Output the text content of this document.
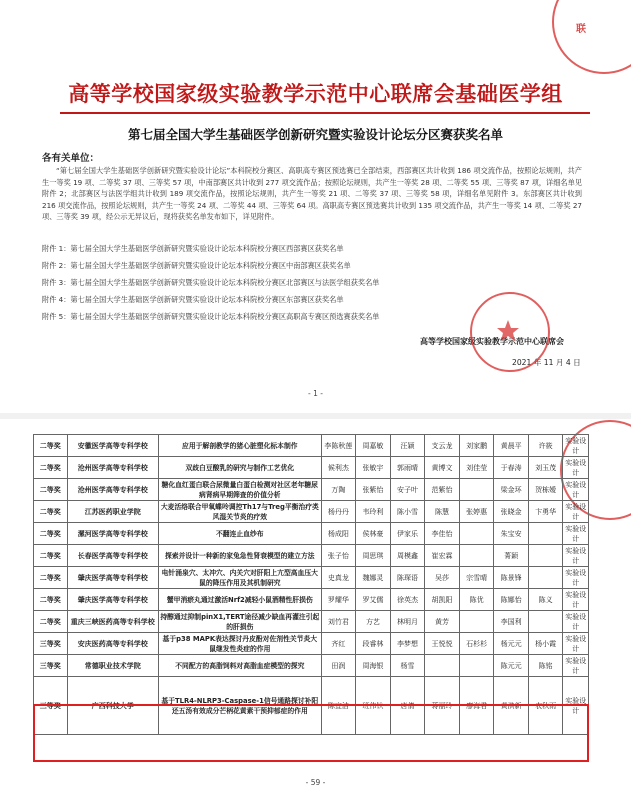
高等学校国家级实验教学示范中心联席会基础医学组
第七届全国大学生基础医学创新研究暨实验设计论坛分区赛获奖名单
各有关单位：
“第七届全国大学生基础医学创新研究暨实验设计论坛”本科院校分赛区、高职高专赛区预选赛已全部结束，西部赛区共计收到 186 项交流作品，按照论坛规则，共产生一等奖 19 项、二等奖 37 项、三等奖 57 项，中南部赛区共计收到 277 项交流作品；按照论坛规则，共产生一等奖 28 项、二等奖 55 项、三等奖 87 项，详细名单见附件 2；北部赛区与法医学组共计收到 189 项交流作品，按照论坛规则，共产生一等奖 21 项、二等奖 37 项、三等奖 58 项，详细名单见附件 3。东部赛区共计收到 216 项交流作品，按照论坛规则，共产生一等奖 24 项、二等奖 44 项、三等奖 64 项。高职高专赛区预选赛共计收到 135 项交流作品，共产生一等奖 14 项、二等奖 27 项、三等奖 39 项，经公示无异议后，现将获奖名单发布如下，详见附件。
附件 1：第七届全国大学生基础医学创新研究暨实验设计论坛本科院校分赛区西部赛区获奖名单
附件 2：第七届全国大学生基础医学创新研究暨实验设计论坛本科院校分赛区中南部赛区获奖名单
附件 3：第七届全国大学生基础医学创新研究暨实验设计论坛本科院校分赛区北部赛区与法医学组获奖名单
附件 4：第七届全国大学生基础医学创新研究暨实验设计论坛本科院校分赛区东部赛区获奖名单
附件 5：第七届全国大学生基础医学创新研究暨实验设计论坛本科院校分赛区高职高专赛区预选赛获奖名单
高等学校国家级实验教学示范中心联席会
2021 年 11 月 4 日
- 1 -
联
二等奖	安徽医学高等专科学校	应用于解剖教学的猪心脏塑化标本制作	李陈秋莲	周嘉敏	汪颖	支云龙	刘家鹏	黄晨平	许筱	实验设计
二等奖	沧州医学高等专科学校	双歧白豆酸乳的研究与制作工艺优化	候利杰	张敏宇	郭雨晴	黄博文	刘佳莹	于春涛	刘玉茂	实验设计
二等奖	沧州医学高等专科学校	糖化血红蛋白联合尿微量白蛋白检测对社区老年糖尿病肾病早期筛查的价值分析	万陶	张紫怡	安子叶	范紫怡		梁金环	贺栋嫒	实验设计
二等奖	江苏医药职业学院	大麦活络联合甲氧蝶呤调控Th17与Treg平衡治疗类风湿关节炎的疗效	杨丹丹	韦玲利	陈小雪	陈慧	张婷惠	张晓金	卞勇华	实验设计
二等奖	漯河医学高等专科学校	不翻连止血纱布	杨成阳	侯林豪	伊家乐	李佳怡		朱宝安		实验设计
二等奖	长春医学高等专科学校	探索并设计一种新的家兔急性肾衰模型的建立方法	张子怡	周思琪	周模鑫	崔宏霖		菁颖		实验设计
二等奖	肇庆医学高等专科学校	电针涌泉穴、太冲穴、内关穴对肝阳上亢型高血压大鼠的降压作用及其机制研究	史真龙	魏娜灵	陈琛语	吴莎	宗雪晴	陈景锋		实验设计
二等奖	肇庆医学高等专科学校	蟹甲消瘀丸通过激活Nrf2减轻小鼠酒精性肝损伤	罗耀华	罗艾儒	徐英杰	胡凯阳	陈优	陈娜怡	陈义	实验设计
二等奖	重庆三峡医药高等专科学校	持醇通过抑制pinX1,TERT途径减少缺血再灌注引起的肝损伤	刘竹君	方艺	林明月	黄芳		李国利		实验设计
三等奖	安庆医药高等专科学校	基于p38 MAPK表达探讨丹皮酚对佐剂性关节炎大鼠继发性炎症的作用	齐红	段睿林	李梦想	王悦悦	石杉杉	杨元元	杨小霞	实验设计
三等奖	常德职业技术学院	不同配方的高脂饲料对高脂血症模型的探究	田润	周海银	杨雪			陈元元	陈铭	实验设计
三等奖	广西科技大学	基于TLR4-NLRP3-Caspase-1信号通路探讨补阳还五汤有效成分芒柄花黄素干预抑郁症的作用	陈宜洁	班伟钬	唐倩	蒋丽玲	廖海君	黄洪新	农秋雨	实验设计
- 59 -
